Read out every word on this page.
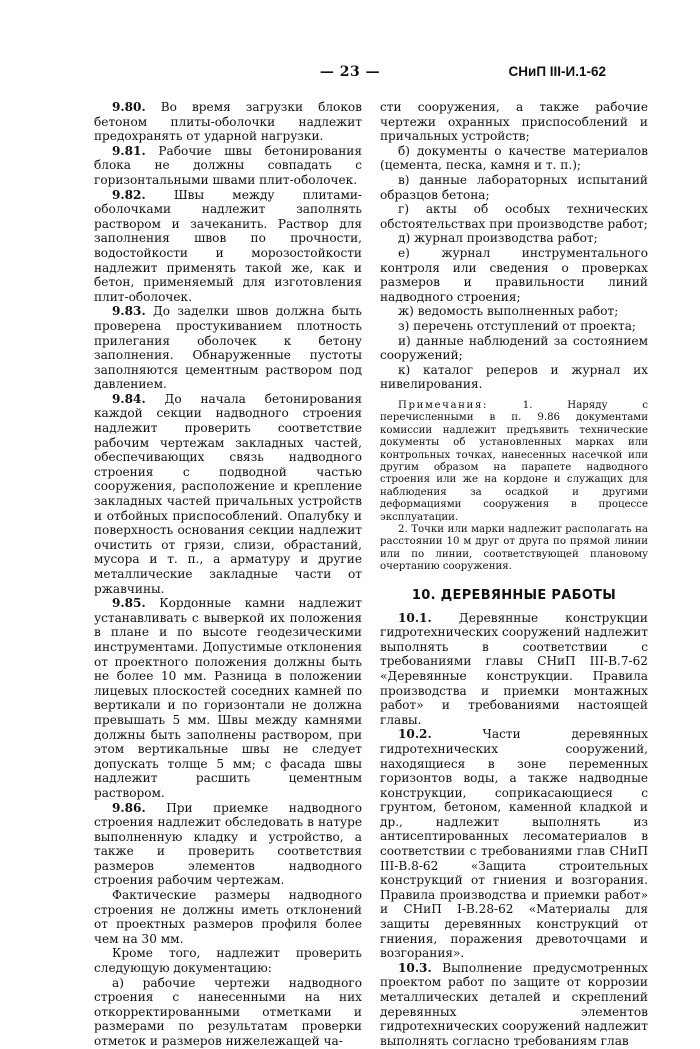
— 23 —	СНиП III-И.1-62

9.80. Во время загрузки блоков бетоном плиты-оболочки надлежит предохранять от ударной нагрузки.

9.81. Рабочие швы бетонирования блока не должны совпадать с горизонтальными швами плит-оболочек.

9.82. Швы между плитами-оболочками надлежит заполнять раствором и зачеканить. Раствор для заполнения швов по прочности, водостойкости и морозостойкости надлежит применять такой же, как и бетон, применяемый для изготовления плит-оболочек.

9.83. До заделки швов должна быть проверена простукиванием плотность прилегания оболочек к бетону заполнения. Обнаруженные пустоты заполняются цементным раствором под давлением.

9.84. До начала бетонирования каждой секции надводного строения надлежит проверить соответствие рабочим чертежам закладных частей, обеспечивающих связь надводного строения с подводной частью сооружения, расположение и крепление закладных частей причальных устройств и отбойных приспособлений. Опалубку и поверхность основания секции надлежит очистить от грязи, слизи, обрастаний, мусора и т. п., а арматуру и другие металлические закладные части от ржавчины.

9.85. Кордонные камни надлежит устанавливать с выверкой их положения в плане и по высоте геодезическими инструментами. Допустимые отклонения от проектного положения должны быть не более 10 мм. Разница в положении лицевых плоскостей соседних камней по вертикали и по горизонтали не должна превышать 5 мм. Швы между камнями должны быть заполнены раствором, при этом вертикальные швы не следует допускать толще 5 мм; с фасада швы надлежит расшить цементным раствором.

9.86. При приемке надводного строения надлежит обследовать в натуре выполненную кладку и устройство, а также и проверить соответствия размеров элементов надводного строения рабочим чертежам.

Фактические размеры надводного строения не должны иметь отклонений от проектных размеров профиля более чем на 30 мм.

Кроме того, надлежит проверить следующую документацию:

а) рабочие чертежи надводного строения с нанесенными на них откорректированными отметками и размерами по результатам проверки отметок и размеров нижележащей ча-

сти сооружения, а также рабочие чертежи охранных приспособлений и причальных устройств;

б) документы о качестве материалов (цемента, песка, камня и т. п.);

в) данные лабораторных испытаний образцов бетона;

г) акты об особых технических обстоятельствах при производстве работ;

д) журнал производства работ;

е) журнал инструментального контроля или сведения о проверках размеров и правильности линий надводного строения;

ж) ведомость выполненных работ;

з) перечень отступлений от проекта;

и) данные наблюдений за состоянием сооружений;

к) каталог реперов и журнал их нивелирования.

Примечания:	1. Наряду с перечисленными в п. 9.86 документами комиссии надлежит предъявить технические документы об установленных марках или контрольных точках, нанесенных насечкой или другим образом на парапете надводного строения или же на кордоне и служащих для наблюдения за осадкой и другими деформациями сооружения в процессе эксплуатации.

2. Точки или марки надлежит располагать на расстоянии 10 м друг от друга по прямой линии или по линии, соответствующей плановому очертанию сооружения.

10. ДЕРЕВЯННЫЕ РАБОТЫ

10.1. Деревянные конструкции гидротехнических сооружений надлежит выполнять в соответствии с требованиями главы СНиП III-В.7-62 «Деревянные конструкции. Правила производства и приемки монтажных работ» и требованиями настоящей главы.

10.2.	Части деревянных гидротехнических сооружений, находящиеся в зоне переменных горизонтов воды, а также надводные конструкции, соприкасающиеся с грунтом, бетоном, каменной кладкой и др., надлежит выполнять из антисептированных лесоматериалов в соответствии с требованиями глав СНиП III-В.8-62 «Защита строительных конструкций от гниения и возгорания. Правила производства и приемки работ» и СНиП I-В.28-62 «Материалы для защиты деревянных конструкций от гниения, поражения древоточцами и возгорания».

10.3. Выполнение предусмотренных проектом работ по защите от коррозии металлических деталей и скреплений деревянных элементов гидротехнических сооружений надлежит выполнять согласно требованиям глав
